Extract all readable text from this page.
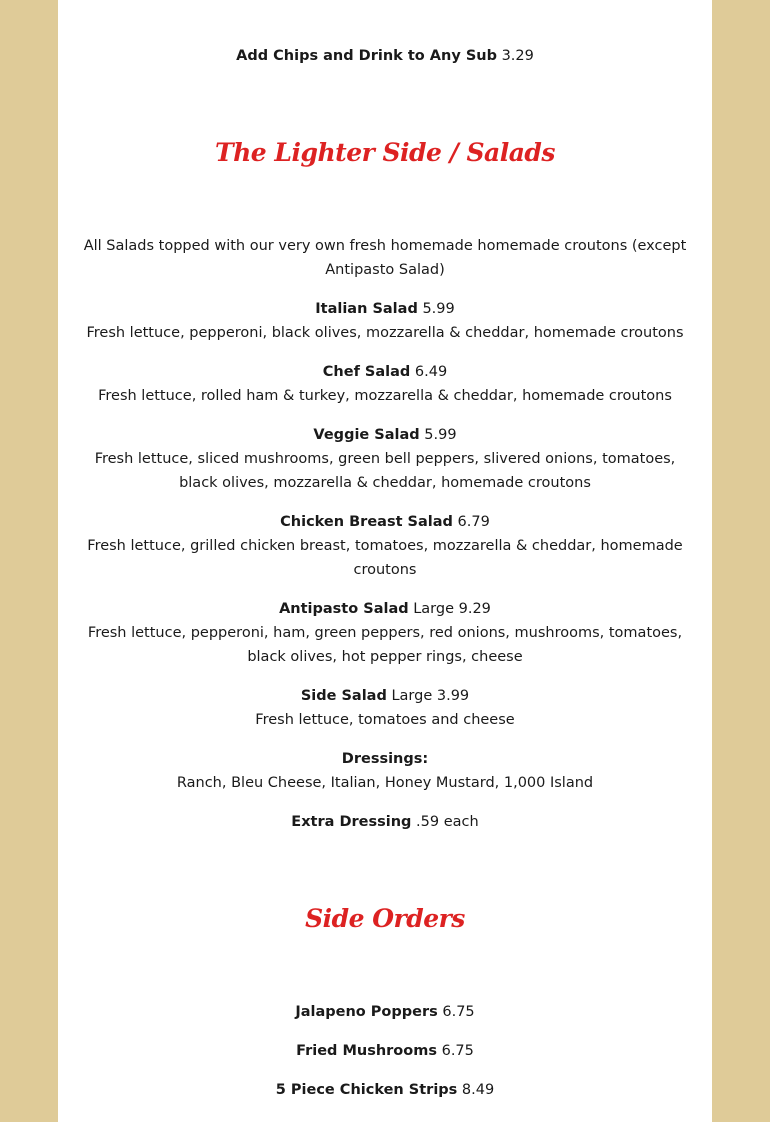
Add Chips and Drink to Any Sub 3.29

The Lighter Side / Salads

All Salads topped with our very own fresh homemade homemade croutons (except Antipasto Salad)

Italian Salad 5.99

Fresh lettuce, pepperoni, black olives, mozzarella & cheddar, homemade croutons

Chef Salad 6.49

Fresh lettuce, rolled ham & turkey, mozzarella & cheddar, homemade croutons

Veggie Salad 5.99

Fresh lettuce, sliced mushrooms, green bell peppers, slivered onions, tomatoes, black olives, mozzarella & cheddar, homemade croutons

Chicken Breast Salad 6.79

Fresh lettuce, grilled chicken breast, tomatoes, mozzarella & cheddar, homemade croutons

Antipasto Salad Large 9.29

Fresh lettuce, pepperoni, ham, green peppers, red onions, mushrooms, tomatoes, black olives, hot pepper rings, cheese

Side Salad Large 3.99

Fresh lettuce, tomatoes and cheese

Dressings:

Ranch, Bleu Cheese, Italian, Honey Mustard, 1,000 Island

Extra Dressing .59 each

Side Orders

Jalapeno Poppers 6.75

Fried Mushrooms 6.75

5 Piece Chicken Strips 8.49
